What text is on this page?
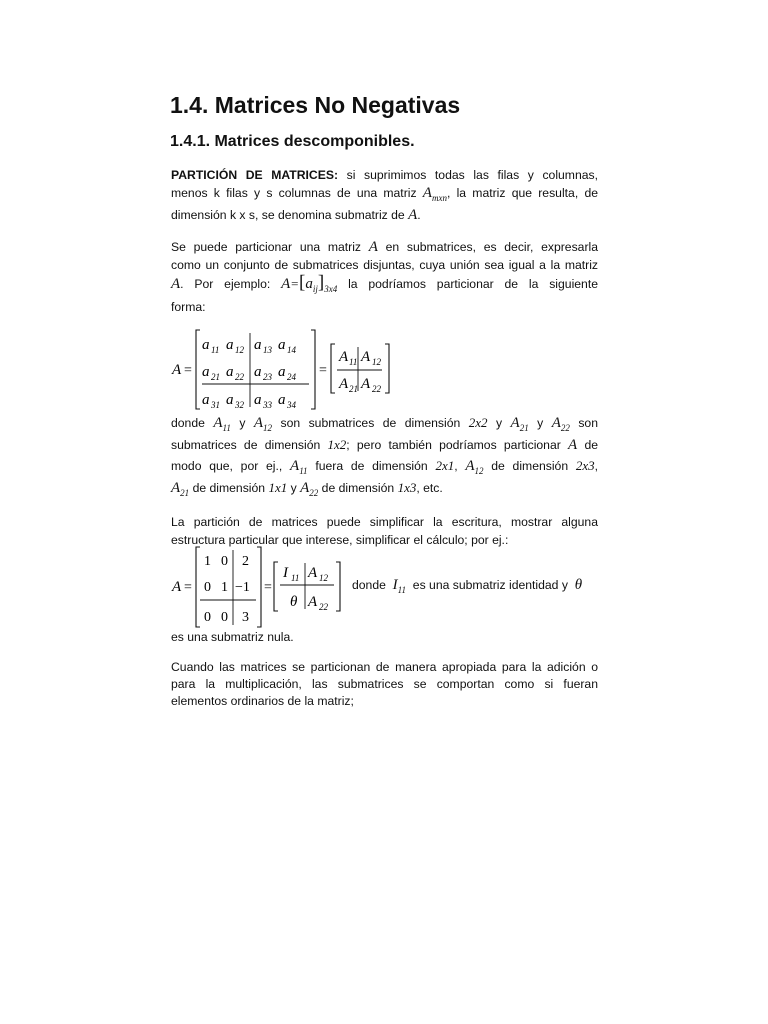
1.4. Matrices No Negativas
1.4.1. Matrices descomponibles.
PARTICIÓN DE MATRICES: si suprimimos todas las filas y columnas,
menos k filas y s columnas de una matriz $A_{mxn}$, la matriz que resulta, de
dimensión k x s, se denomina submatriz de A.
Se puede particionar una matriz A en submatrices, es decir, expresarla
como un conjunto de submatrices disjuntas, cuya unión sea igual a la matriz
A. Por ejemplo: $A=[a_{ij}]_{3x4}$ la podríamos particionar de la siguiente
forma:
A =
a 11 a 12 a 13 a 14
a 21 a 22 a 23 a 24
a 31 a 32 a 33 a 34
=
A 11 A 12
A 21 A 22
donde $A_{11}$ y $A_{12}$ son submatrices de dimensión 2x2 y $A_{21}$ y $A_{22}$ son
submatrices de dimensión 1x2; pero también podríamos particionar A de
modo que, por ej., $A_{11}$ fuera de dimensión 2x1, $A_{12}$ de dimensión 2x3,
$A_{21}$ de dimensión 1x1 y $A_{22}$ de dimensión 1x3, etc.
La partición de matrices puede simplificar la escritura, mostrar alguna
estructura particular que interese, simplificar el cálculo; por ej.:
A =
1 0 2
0 1 −1
0 0 3
=
I 11 A 12
θ A 22
donde $I_{11}$ es una submatriz identidad y θ
es una submatriz nula.
Cuando las matrices se particionan de manera apropiada para la adición o
para la multiplicación, las submatrices se comportan como si fueran
elementos ordinarios de la matriz;
